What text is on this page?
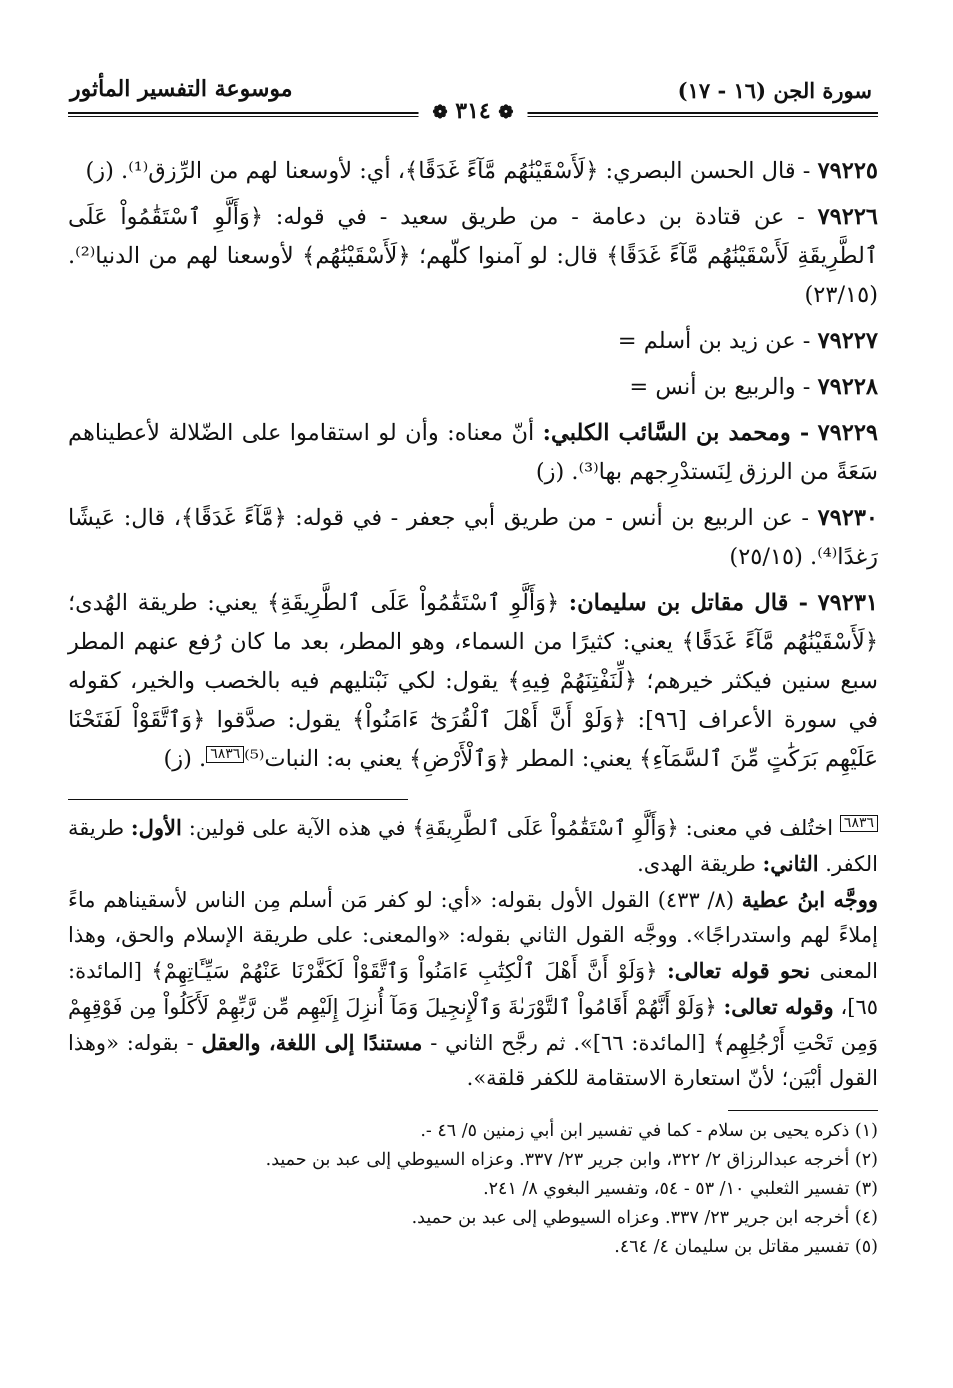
سورة الجن (١٦ - ١٧)
موسوعة التفسير المأثور
❁ ٣١٤ ❁

٧٩٢٢٥ - قال الحسن البصري: ﴿لَأَسْقَيْنَٰهُم مَّآءً غَدَقًا﴾، أي: لأوسعنا لهم من الرِّزق⁽¹⁾. (ز)

٧٩٢٢٦ - عن قتادة بن دعامة - من طريق سعيد - في قوله: ﴿وَأَلَّوِ ٱسْتَقَٰمُواْ عَلَى ٱلطَّرِيقَةِ لَأَسْقَيْنَٰهُم مَّآءً غَدَقًا﴾ قال: لو آمنوا كلّهم؛ ﴿لَأَسْقَيْنَٰهُم﴾ لأوسعنا لهم من الدنيا⁽²⁾. (٢٣/١٥)

٧٩٢٢٧ - عن زيد بن أسلم =

٧٩٢٢٨ - والربيع بن أنس =

٧٩٢٢٩ - ومحمد بن السَّائب الكلبي: أنّ معناه: وأن لو استقاموا على الضّلالة لأعطيناهم سَعَةً من الرزق لِنَستدْرِجهم بها⁽³⁾. (ز)

٧٩٢٣٠ - عن الربيع بن أنس - من طريق أبي جعفر - في قوله: ﴿مَّآءً غَدَقًا﴾، قال: عَيشًا رَغدًا⁽⁴⁾. (٢٥/١٥)

٧٩٢٣١ - قال مقاتل بن سليمان: ﴿وَأَلَّوِ ٱسْتَقَٰمُواْ عَلَى ٱلطَّرِيقَةِ﴾ يعني: طريقة الهُدى؛ ﴿لَأَسْقَيْنَٰهُم مَّآءً غَدَقًا﴾ يعني: كثيرًا من السماء، وهو المطر، بعد ما كان رُفع عنهم المطر سبع سنين فيكثر خيرهم؛ ﴿لِّنَفْتِنَهُمْ فِيهِ﴾ يقول: لكي نَبْتليهم فيه بالخصب والخير، كقوله في سورة الأعراف [٩٦]: ﴿وَلَوْ أَنَّ أَهْلَ ٱلْقُرَىٰٓ ءَامَنُواْ﴾ يقول: صدَّقوا ﴿وَٱتَّقَوْاْ لَفَتَحْنَا عَلَيْهِم بَرَكَٰتٍ مِّنَ ٱلسَّمَآءِ﴾ يعني: المطر ﴿وَٱلْأَرْضِ﴾ يعني به: النبات⁽⁵⁾٦٨٣٦. (ز)

٦٨٣٦ اختُلف في معنى: ﴿وَأَلَّوِ ٱسْتَقَٰمُواْ عَلَى ٱلطَّرِيقَةِ﴾ في هذه الآية على قولين: الأول: طريقة الكفر. الثاني: طريقة الهدى.

ووجَّه ابنُ عطية (٨/ ٤٣٣) القول الأول بقوله: «أي: لو كفر مَن أسلم مِن الناس لأسقيناهم ماءً إملاءً لهم واستدراجًا». ووجَّه القول الثاني بقوله: «والمعنى: على طريقة الإسلام والحق، وهذا المعنى نحو قوله تعالى: ﴿وَلَوْ أَنَّ أَهْلَ ٱلْكِتَٰبِ ءَامَنُواْ وَٱتَّقَوْاْ لَكَفَّرْنَا عَنْهُمْ سَيِّـَٔاتِهِمْ﴾ [المائدة: ٦٥]، وقوله تعالى: ﴿وَلَوْ أَنَّهُمْ أَقَامُواْ ٱلتَّوْرَىٰةَ وَٱلْإِنجِيلَ وَمَآ أُنزِلَ إِلَيْهِم مِّن رَّبِّهِمْ لَأَكَلُواْ مِن فَوْقِهِمْ وَمِن تَحْتِ أَرْجُلِهِم﴾ [المائدة: ٦٦]». ثم رجَّح الثاني - مستندًا إلى اللغة، والعقل - بقوله: «وهذا القول أبْيَن؛ لأنّ استعارة الاستقامة للكفر قلقة».

(١) ذكره يحيى بن سلام - كما في تفسير ابن أبي زمنين ٥/ ٤٦ -.

(٢) أخرجه عبدالرزاق ٢/ ٣٢٢، وابن جرير ٢٣/ ٣٣٧. وعزاه السيوطي إلى عبد بن حميد.

(٣) تفسير الثعلبي ١٠/ ٥٣ - ٥٤، وتفسير البغوي ٨/ ٢٤١.

(٤) أخرجه ابن جرير ٢٣/ ٣٣٧. وعزاه السيوطي إلى عبد بن حميد.

(٥) تفسير مقاتل بن سليمان ٤/ ٤٦٤.
